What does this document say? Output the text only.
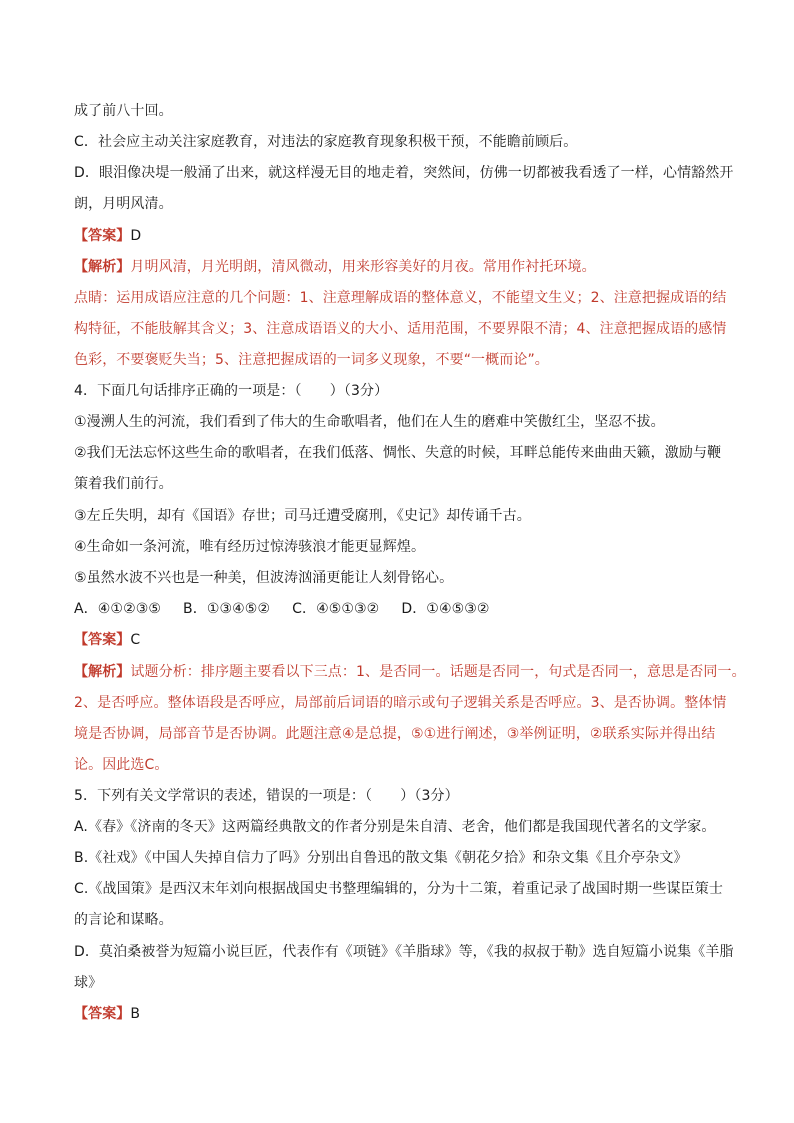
成了前八十回。
C．社会应主动关注家庭教育，对违法的家庭教育现象积极干预，不能瞻前顾后。
D．眼泪像决堤一般涌了出来，就这样漫无目的地走着，突然间，仿佛一切都被我看透了一样，心情豁然开
朗，月明风清。
【答案】D
【解析】月明风清，月光明朗，清风微动，用来形容美好的月夜。常用作衬托环境。
点睛：运用成语应注意的几个问题：1、注意理解成语的整体意义，不能望文生义；2、注意把握成语的结
构特征，不能肢解其含义；3、注意成语语义的大小、适用范围，不要界限不清；4、注意把握成语的感情
色彩，不要褒贬失当；5、注意把握成语的一词多义现象，不要“一概而论”。
4．下面几句话排序正确的一项是：（　　）（3分）
①漫溯人生的河流，我们看到了伟大的生命歌唱者，他们在人生的磨难中笑傲红尘，坚忍不拔。
②我们无法忘怀这些生命的歌唱者，在我们低落、惆怅、失意的时候，耳畔总能传来曲曲天籁，激励与鞭
策着我们前行。
③左丘失明，却有《国语》存世；司马迁遭受腐刑，《史记》却传诵千古。
④生命如一条河流，唯有经历过惊涛骇浪才能更显辉煌。
⑤虽然水波不兴也是一种美，但波涛汹涌更能让人刻骨铭心。
A．④①②③⑤ B．①③④⑤② C．④⑤①③② D．①④⑤③②
【答案】C
【解析】试题分析：排序题主要看以下三点：1、是否同一。话题是否同一，句式是否同一，意思是否同一。
2、是否呼应。整体语段是否呼应，局部前后词语的暗示或句子逻辑关系是否呼应。3、是否协调。整体情
境是否协调，局部音节是否协调。此题注意④是总提，⑤①进行阐述，③举例证明，②联系实际并得出结
论。因此选C。
5．下列有关文学常识的表述，错误的一项是：（　　）（3分）
A.《春》《济南的冬天》这两篇经典散文的作者分别是朱自清、老舍，他们都是我国现代著名的文学家。
B.《社戏》《中国人失掉自信力了吗》分别出自鲁迅的散文集《朝花夕拾》和杂文集《且介亭杂文》
C.《战国策》是西汉末年刘向根据战国史书整理编辑的，分为十二策，着重记录了战国时期一些谋臣策士
的言论和谋略。
D．莫泊桑被誉为短篇小说巨匠，代表作有《项链》《羊脂球》等，《我的叔叔于勒》选自短篇小说集《羊脂
球》
【答案】B
